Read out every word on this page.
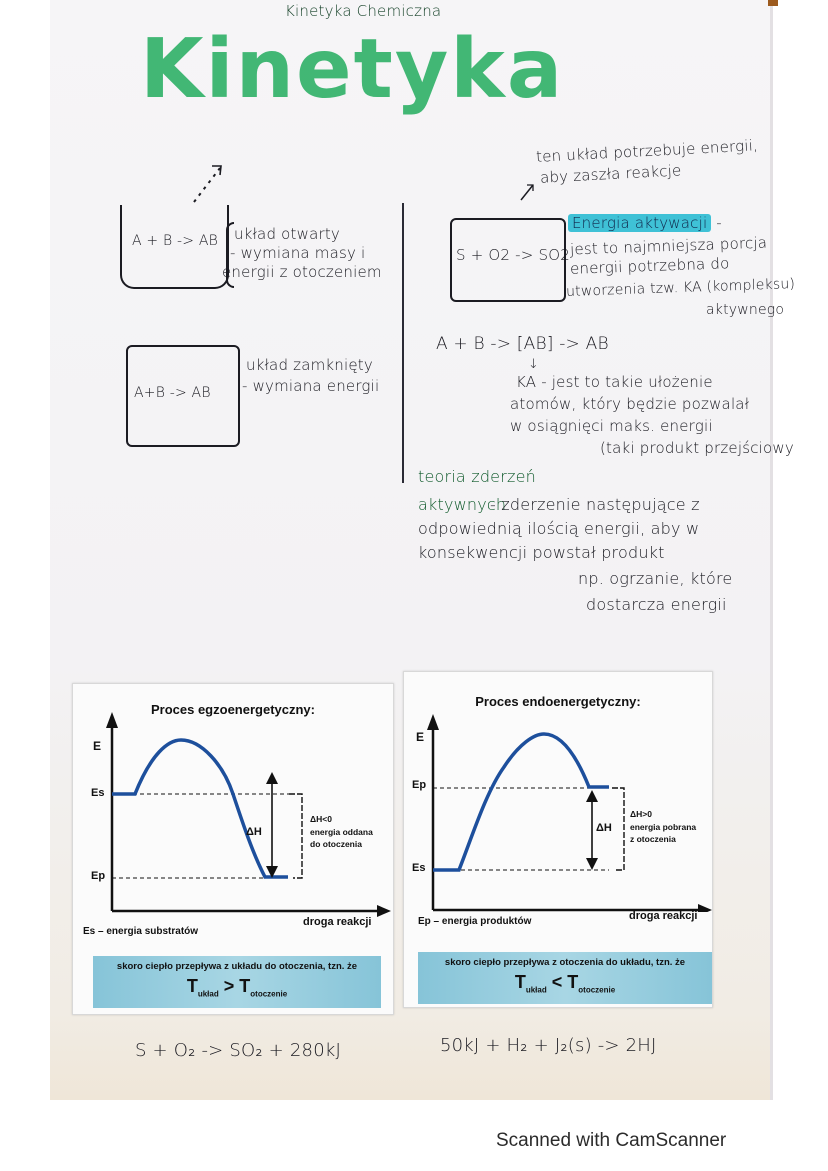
Kinetyka Chemiczna
Kinetyka
A + B -> AB układ otwarty
- wymiana masy i
energii z otoczeniem
A+B -> AB
układ zamknięty
- wymiana energii
ten układ potrzebuje energii,
aby zaszła reakcje
S + O2 -> SO2
Energia aktywacji -
jest to najmniejsza porcja
energii potrzebna do
utworzenia tzw. KA (kompleksu)
aktywnego
A + B -> [AB] -> AB
↓
KA - jest to takie ułożenie
atomów, który będzie pozwalał
w osiągnięci maks. energii
(taki produkt przejściowy
teoria zderzeń
aktywnych
- zderzenie następujące z
odpowiednią ilością energii, aby w
konsekwencji powstał produkt
np. ogrzanie, które
dostarcza energii
Proces egzoenergetyczny:
E
Es
Ep
ΔH
ΔH<0
energia oddana
do otoczenia
droga reakcji
Es – energia substratów
skoro ciepło przepływa z układu do otoczenia, tzn. że
$T_{układ} > T_{otoczenie}$
Proces endoenergetyczny:
E
Ep
Es
ΔH
ΔH>0
energia pobrana
z otoczenia
droga reakcji
Ep – energia produktów
skoro ciepło przepływa z otoczenia do układu, tzn. że
$T_{układ} < T_{otoczenie}$
S + O₂ -> SO₂ + 280kJ	50kJ + H₂ + J₂(s) -> 2HJ
Scanned with CamScanner
